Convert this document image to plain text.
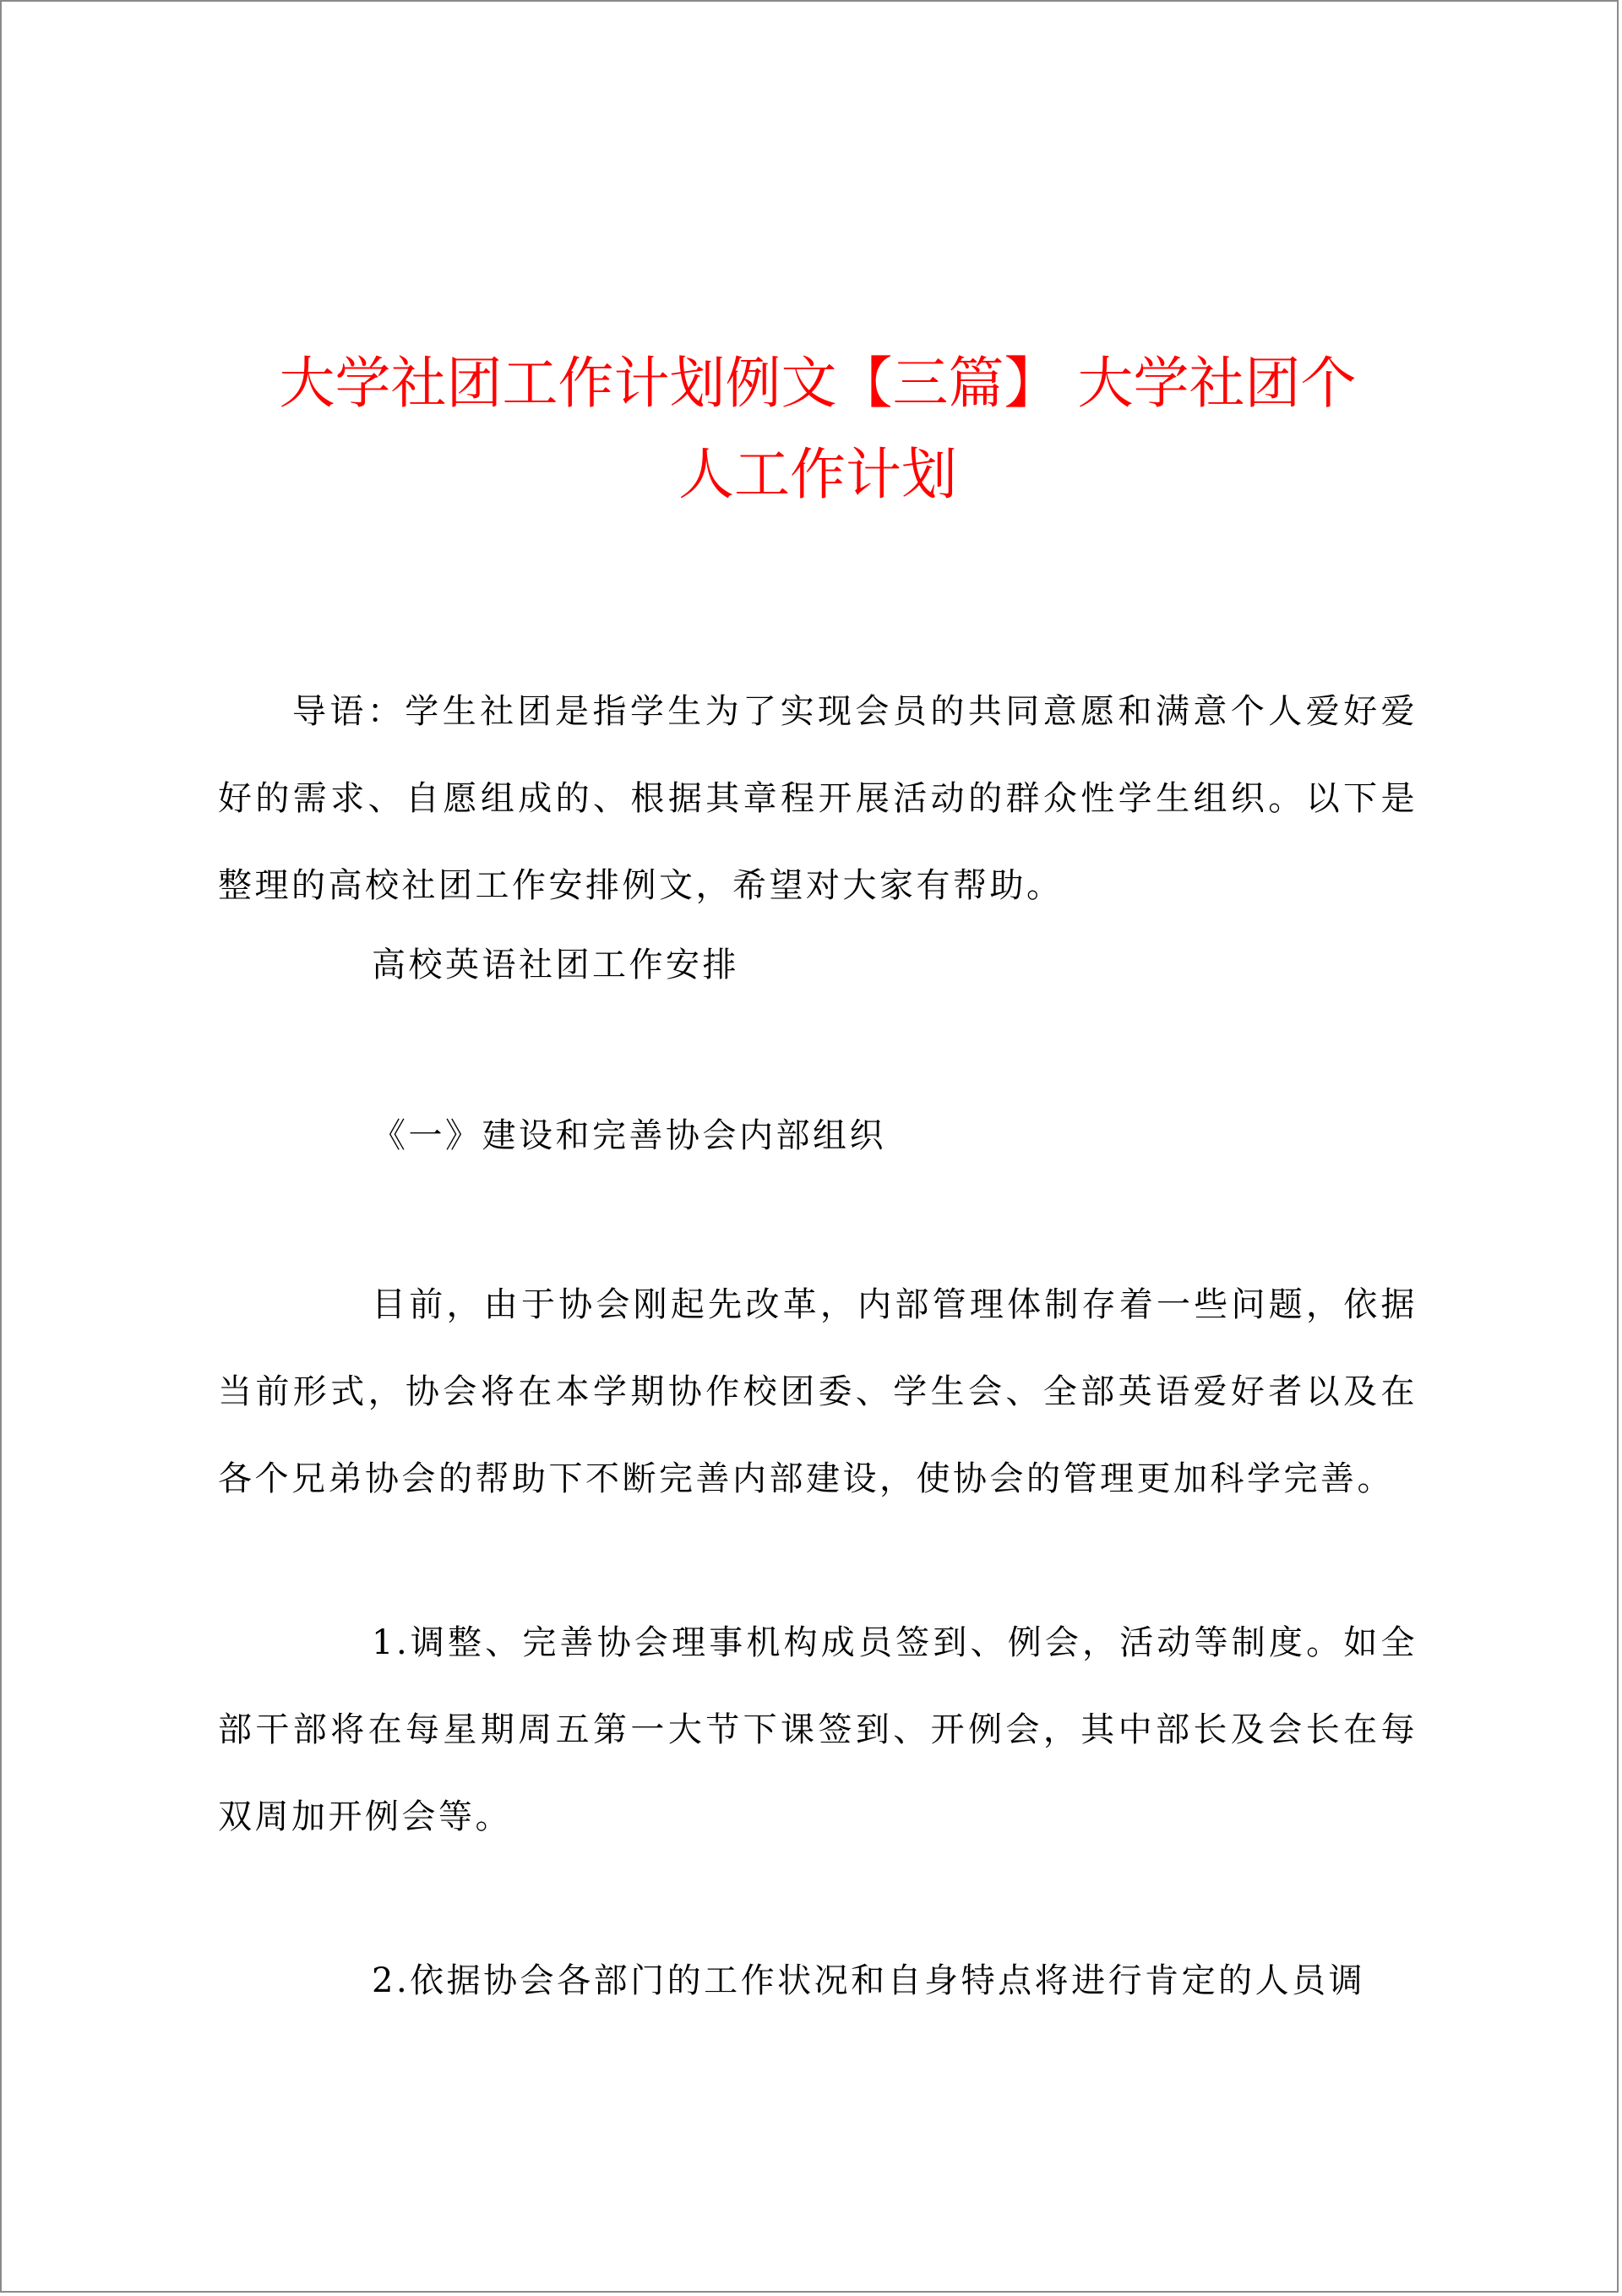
大学社团工作计划例文【三篇】 大学社团个
人工作计划

导语：学生社团是指学生为了实现会员的共同意愿和满意个人爱好爱好的需求、自愿组成的、根据其章程开展活动的群众性学生组织。以下是整理的高校社团工作安排例文，希望对大家有帮助。

高校英语社团工作安排

《一》建设和完善协会内部组织

目前，由于协会刚起先改革，内部管理体制存着一些问题，依据当前形式，协会将在本学期协作校团委、学生会、全部英语爱好者以及在各个兄弟协会的帮助下不断完善内部建设，使协会的管理更加科学完善。

1.调整、完善协会理事机构成员签到、例会，活动等制度。如全部干部将在每星期周五第一大节下课签到、开例会，其中部长及会长在每双周加开例会等。

2.依据协会各部门的工作状况和自身特点将进行肯定的人员调
